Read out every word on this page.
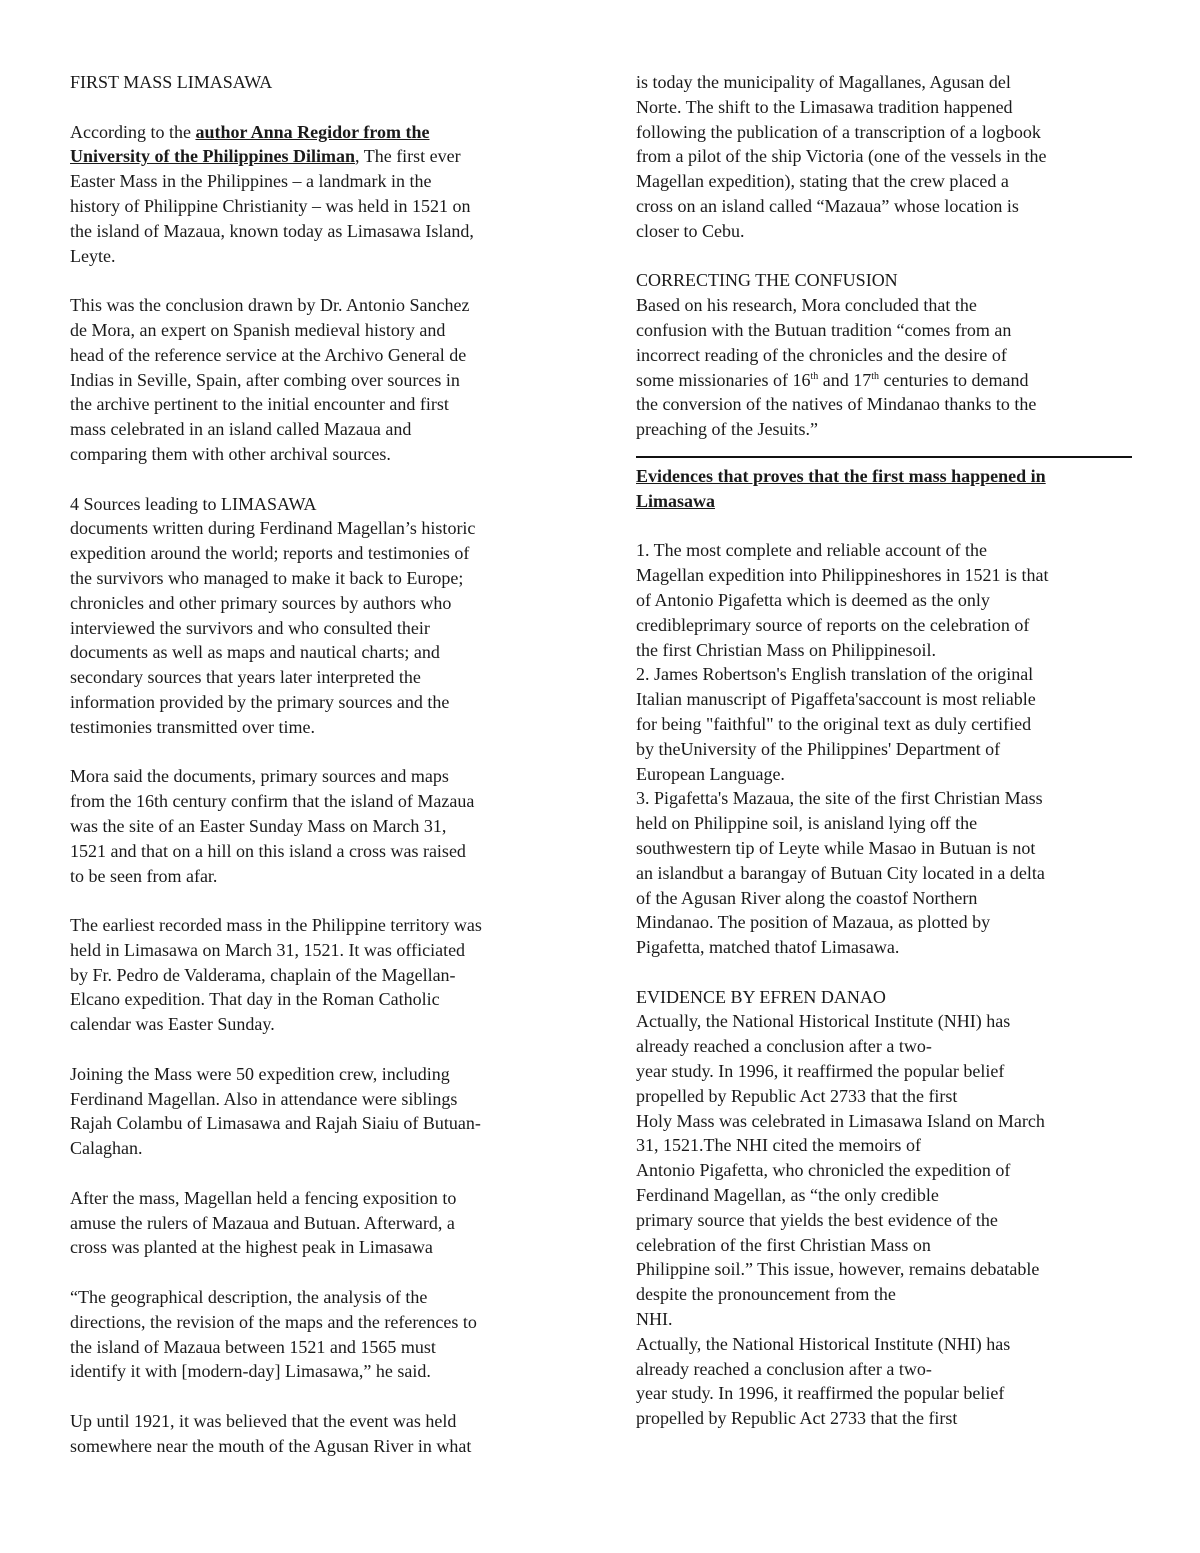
FIRST MASS LIMASAWA
According to the author Anna Regidor from the
University of the Philippines Diliman, The first ever
Easter Mass in the Philippines – a landmark in the
history of Philippine Christianity – was held in 1521 on
the island of Mazaua, known today as Limasawa Island,
Leyte.
This was the conclusion drawn by Dr. Antonio Sanchez
de Mora, an expert on Spanish medieval history and
head of the reference service at the Archivo General de
Indias in Seville, Spain, after combing over sources in
the archive pertinent to the initial encounter and first
mass celebrated in an island called Mazaua and
comparing them with other archival sources.
4 Sources leading to LIMASAWA
documents written during Ferdinand Magellan’s historic
expedition around the world; reports and testimonies of
the survivors who managed to make it back to Europe;
chronicles and other primary sources by authors who
interviewed the survivors and who consulted their
documents as well as maps and nautical charts; and
secondary sources that years later interpreted the
information provided by the primary sources and the
testimonies transmitted over time.
Mora said the documents, primary sources and maps
from the 16th century confirm that the island of Mazaua
was the site of an Easter Sunday Mass on March 31,
1521 and that on a hill on this island a cross was raised
to be seen from afar.
The earliest recorded mass in the Philippine territory was
held in Limasawa on March 31, 1521. It was officiated
by Fr. Pedro de Valderama, chaplain of the Magellan-
Elcano expedition. That day in the Roman Catholic
calendar was Easter Sunday.
Joining the Mass were 50 expedition crew, including
Ferdinand Magellan. Also in attendance were siblings
Rajah Colambu of Limasawa and Rajah Siaiu of Butuan-
Calaghan.
After the mass, Magellan held a fencing exposition to
amuse the rulers of Mazaua and Butuan. Afterward, a
cross was planted at the highest peak in Limasawa
“The geographical description, the analysis of the
directions, the revision of the maps and the references to
the island of Mazaua between 1521 and 1565 must
identify it with [modern-day] Limasawa,” he said.
Up until 1921, it was believed that the event was held
somewhere near the mouth of the Agusan River in what
is today the municipality of Magallanes, Agusan del
Norte. The shift to the Limasawa tradition happened
following the publication of a transcription of a logbook
from a pilot of the ship Victoria (one of the vessels in the
Magellan expedition), stating that the crew placed a
cross on an island called “Mazaua” whose location is
closer to Cebu.
CORRECTING THE CONFUSION
Based on his research, Mora concluded that the
confusion with the Butuan tradition “comes from an
incorrect reading of the chronicles and the desire of
some missionaries of 16th and 17th centuries to demand
the conversion of the natives of Mindanao thanks to the
preaching of the Jesuits.”
Evidences that proves that the first mass happened in
Limasawa
1. The most complete and reliable account of the
Magellan expedition into Philippineshores in 1521 is that
of Antonio Pigafetta which is deemed as the only
credibleprimary source of reports on the celebration of
the first Christian Mass on Philippinesoil.
2. James Robertson's English translation of the original
Italian manuscript of Pigaffeta'saccount is most reliable
for being "faithful" to the original text as duly certified
by theUniversity of the Philippines' Department of
European Language.
3. Pigafetta's Mazaua, the site of the first Christian Mass
held on Philippine soil, is anisland lying off the
southwestern tip of Leyte while Masao in Butuan is not
an islandbut a barangay of Butuan City located in a delta
of the Agusan River along the coastof Northern
Mindanao. The position of Mazaua, as plotted by
Pigafetta, matched thatof Limasawa.
EVIDENCE BY EFREN DANAO
Actually, the National Historical Institute (NHI) has
already reached a conclusion after a two-
year study. In 1996, it reaffirmed the popular belief
propelled by Republic Act 2733 that the first
Holy Mass was celebrated in Limasawa Island on March
31, 1521.The NHI cited the memoirs of
Antonio Pigafetta, who chronicled the expedition of
Ferdinand Magellan, as “the only credible
primary source that yields the best evidence of the
celebration of the first Christian Mass on
Philippine soil.” This issue, however, remains debatable
despite the pronouncement from the
NHI.
Actually, the National Historical Institute (NHI) has
already reached a conclusion after a two-
year study. In 1996, it reaffirmed the popular belief
propelled by Republic Act 2733 that the first
